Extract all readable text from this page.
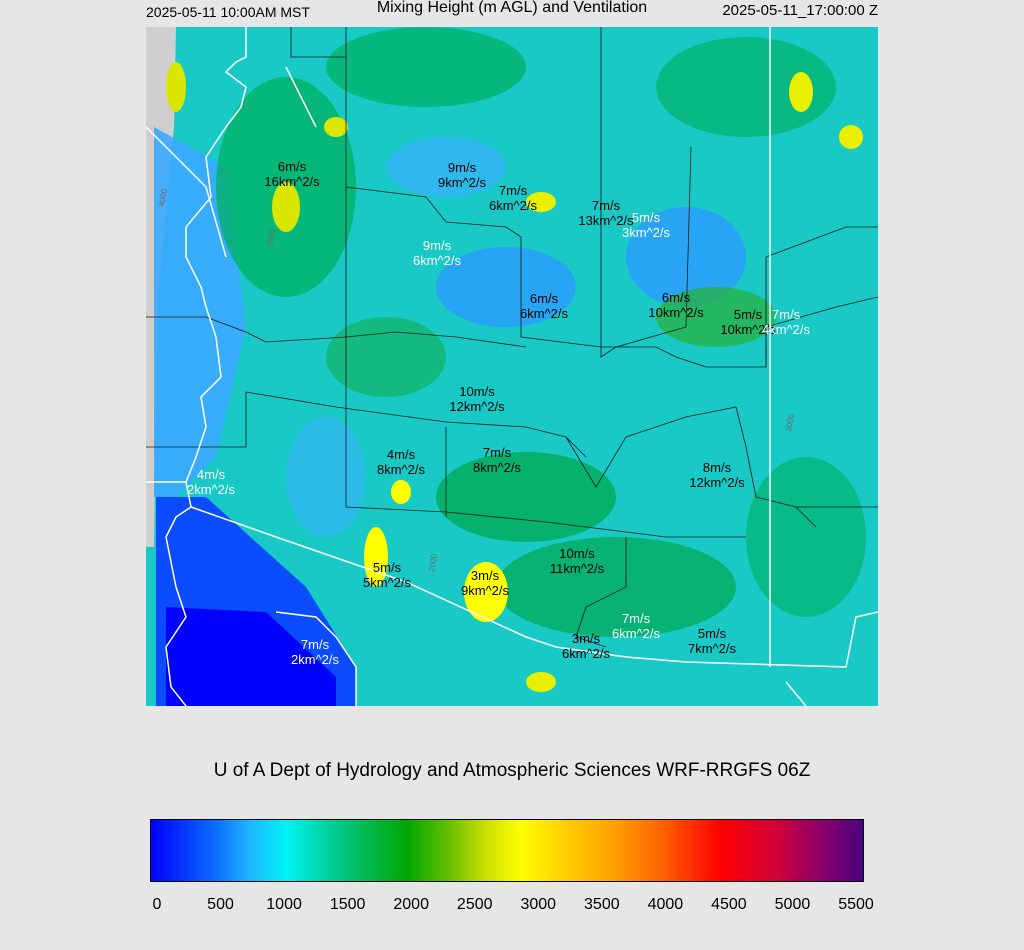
2025-05-11 10:00AM MST	Mixing Height (m AGL) and Ventilation	2025-05-11_17:00:00 Z
4000
2000
2000
3000
6m/s
16km^2/s
9m/s
9km^2/s
7m/s
6km^2/s	7m/s
13km^2/s
5m/s
3km^2/s
9m/s
6km^2/s
6m/s
6km^2/s
6m/s
10km^2/s 5m/s
10km^2/s
7m/s
4km^2/s
10m/s
12km^2/s
4m/s
8km^2/s
7m/s
8km^2/s	8m/s
12km^2/s
4m/s
2km^2/s
10m/s
11km^2/s
5m/s
5km^2/s	3m/s
9km^2/s
7m/s
6km^2/s
3m/s
6km^2/s
5m/s
7km^2/s
7m/s
2km^2/s
U of A Dept of Hydrology and Atmospheric Sciences WRF-RRGFS 06Z
0	500 1000 1500 2000 2500 3000 3500 4000 4500 5000 5500
